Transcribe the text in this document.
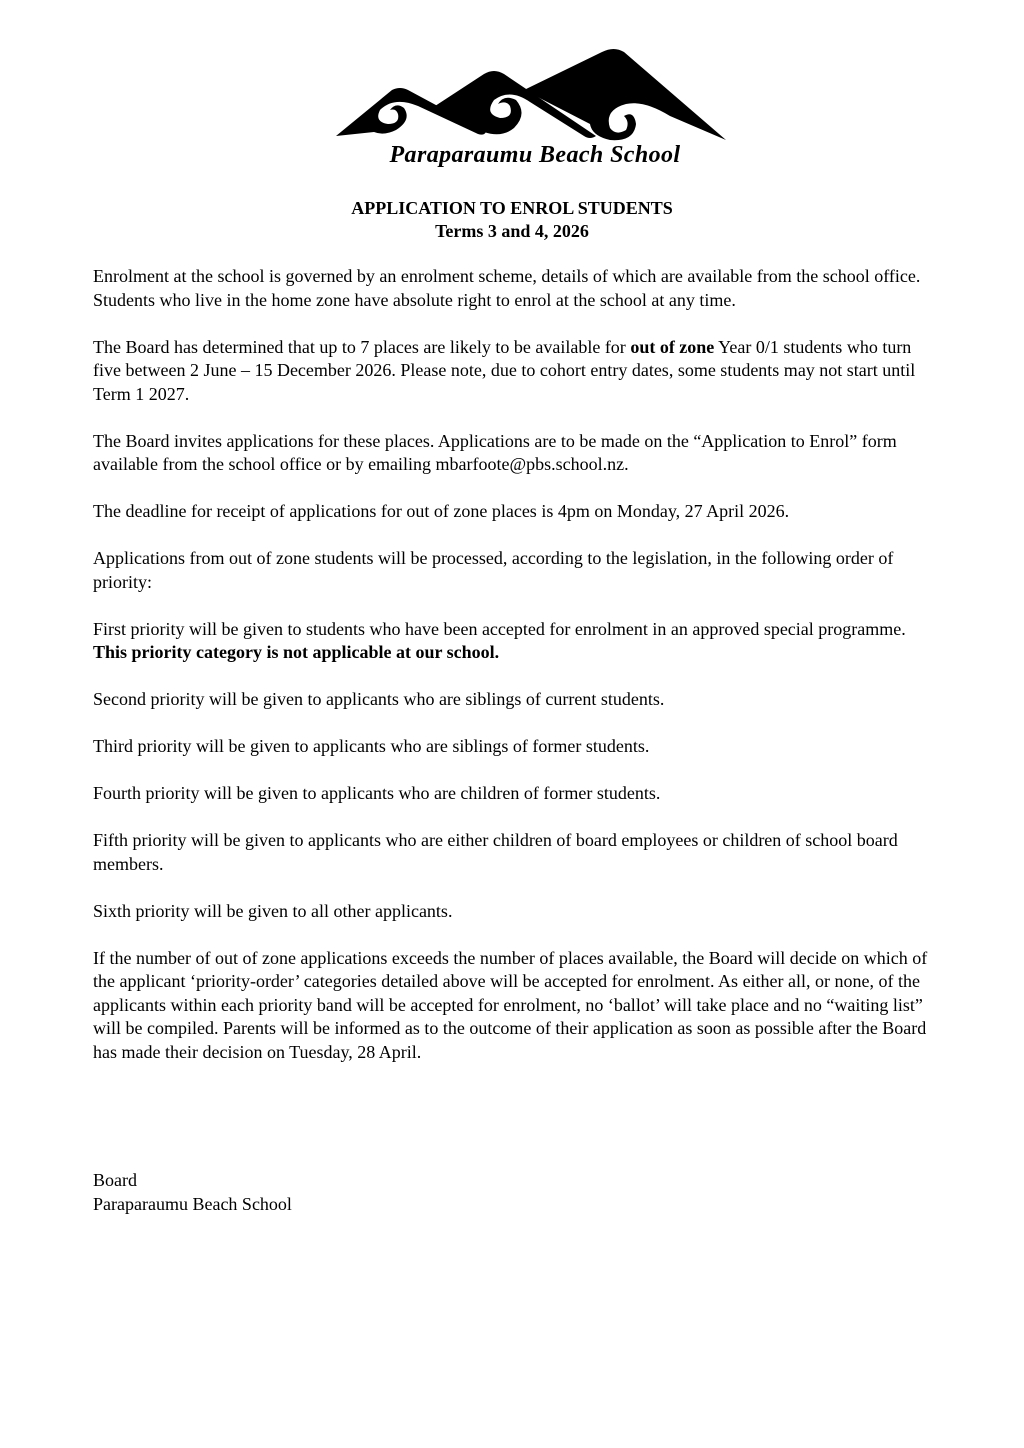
Paraparaumu Beach School
APPLICATION TO ENROL STUDENTS
Terms 3 and 4, 2026

Enrolment at the school is governed by an enrolment scheme, details of which are available from the school office. Students who live in the home zone have absolute right to enrol at the school at any time.

The Board has determined that up to 7 places are likely to be available for out of zone Year 0/1 students who turn five between 2 June – 15 December 2026. Please note, due to cohort entry dates, some students may not start until Term 1 2027.

The Board invites applications for these places. Applications are to be made on the “Application to Enrol” form available from the school office or by emailing mbarfoote@pbs.school.nz.

The deadline for receipt of applications for out of zone places is 4pm on Monday, 27 April 2026.

Applications from out of zone students will be processed, according to the legislation, in the following order of priority:

First priority will be given to students who have been accepted for enrolment in an approved special programme. This priority category is not applicable at our school.

Second priority will be given to applicants who are siblings of current students.

Third priority will be given to applicants who are siblings of former students.

Fourth priority will be given to applicants who are children of former students.

Fifth priority will be given to applicants who are either children of board employees or children of school board members.

Sixth priority will be given to all other applicants.

If the number of out of zone applications exceeds the number of places available, the Board will decide on which of the applicant ‘priority-order’ categories detailed above will be accepted for enrolment. As either all, or none, of the applicants within each priority band will be accepted for enrolment, no ‘ballot’ will take place and no “waiting list” will be compiled. Parents will be informed as to the outcome of their application as soon as possible after the Board has made their decision on Tuesday, 28 April.

Board
Paraparaumu Beach School
